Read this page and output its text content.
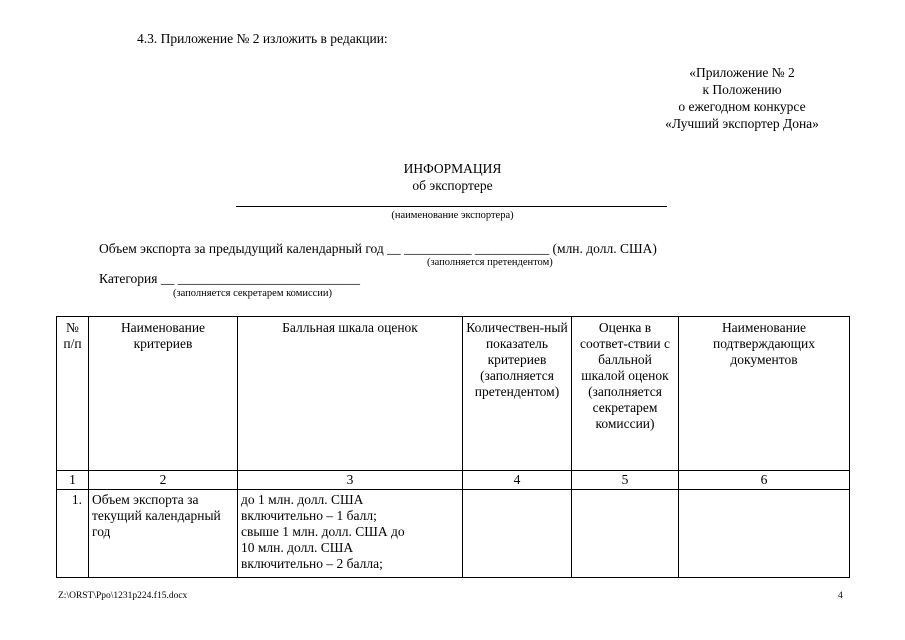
4.3. Приложение № 2 изложить в редакции:
«Приложение № 2
к Положению
о ежегодном конкурсе
«Лучший экспортер Дона»
ИНФОРМАЦИЯ
об экспортере
(наименование экспортера)
Объем экспорта за предыдущий календарный год __ __________ ___________ (млн. долл. США)
(заполняется претендентом)
Категория __ ___________________________
(заполняется секретарем комиссии)
№ п/п	Наименование критериев	Балльная шкала оценок	Количествен-ный показатель критериев (заполняется претендентом)	Оценка в соответ-ствии с балльной шкалой оценок (заполняется секретарем комиссии)	Наименование подтверждающих документов
1	2	3	4	5	6
1.	Объем экспорта за текущий календарный год	до 1 млн. долл. США
включительно – 1 балл;
свыше 1 млн. долл. США до
10 млн. долл. США
включительно – 2 балла;			
Z:\ORST\Ppo\1231p224.f15.docx	4
